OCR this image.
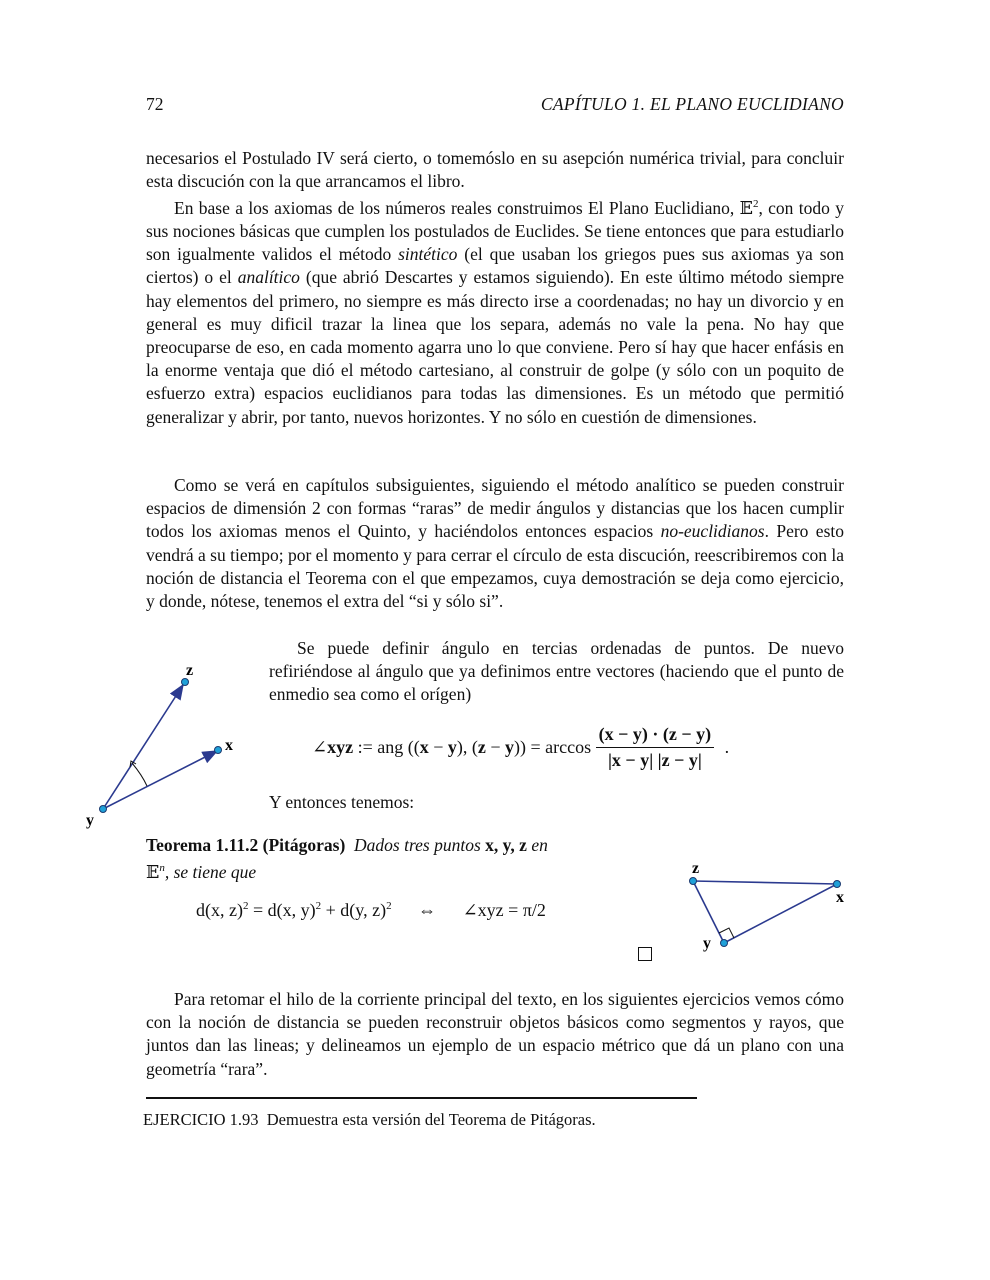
72	CAPÍTULO 1. EL PLANO EUCLIDIANO

necesarios el Postulado IV será cierto, o tomemóslo en su asepción numérica trivial, para concluir esta discución con la que arrancamos el libro.

En base a los axiomas de los números reales construimos El Plano Euclidiano, 𝔼$^2$, con todo y sus nociones básicas que cumplen los postulados de Euclides. Se tiene entonces que para estudiarlo son igualmente validos el método sintético (el que usaban los griegos pues sus axiomas ya son ciertos) o el analítico (que abrió Descartes y estamos siguiendo). En este último método siempre hay elementos del primero, no siempre es más directo irse a coordenadas; no hay un divorcio y en general es muy dificil trazar la linea que los separa, además no vale la pena. No hay que preocuparse de eso, en cada momento agarra uno lo que conviene. Pero sí hay que hacer enfásis en la enorme ventaja que dió el método cartesiano, al construir de golpe (y sólo con un poquito de esfuerzo extra) espacios euclidianos para todas las dimensiones. Es un método que permitió generalizar y abrir, por tanto, nuevos horizontes. Y no sólo en cuestión de dimensiones.

Como se verá en capítulos subsiguientes, siguiendo el método analítico se pueden construir espacios de dimensión 2 con formas “raras” de medir ángulos y distancias que los hacen cumplir todos los axiomas menos el Quinto, y haciéndolos entonces espacios no-euclidianos. Pero esto vendrá a su tiempo; por el momento y para cerrar el círculo de esta discución, reescribiremos con la noción de distancia el Teorema con el que empezamos, cuya demostración se deja como ejercicio, y donde, nótese, tenemos el extra del “si y sólo si”.

z
x
y

Se puede definir ángulo en tercias ordenadas de puntos. De nuevo refiriéndose al ángulo que ya definimos entre vectores (haciendo que el punto de enmedio sea como el orígen)

∠xyz := ang ((x − y), $(z - y)) = \arccos \frac{(x - y) \cdot (z - y)}{|x - y| |z - y|}$ .
Y entonces tenemos:
Teorema 1.11.2 (Pitágoras) Dados tres puntos x, y, z en
𝔼$^n$, se tiene que
d(x, z)$^2$ = d(x, y)$^2$ + d(y, z)$^2$ ⇔ ∠xyz = π/2
z
x
y

Para retomar el hilo de la corriente principal del texto, en los siguientes ejercicios vemos cómo con la noción de distancia se pueden reconstruir objetos básicos como segmentos y rayos, que juntos dan las lineas; y delineamos un ejemplo de un espacio métrico que dá un plano con una geometría “rara”.

EJERCICIO 1.93 Demuestra esta versión del Teorema de Pitágoras.
